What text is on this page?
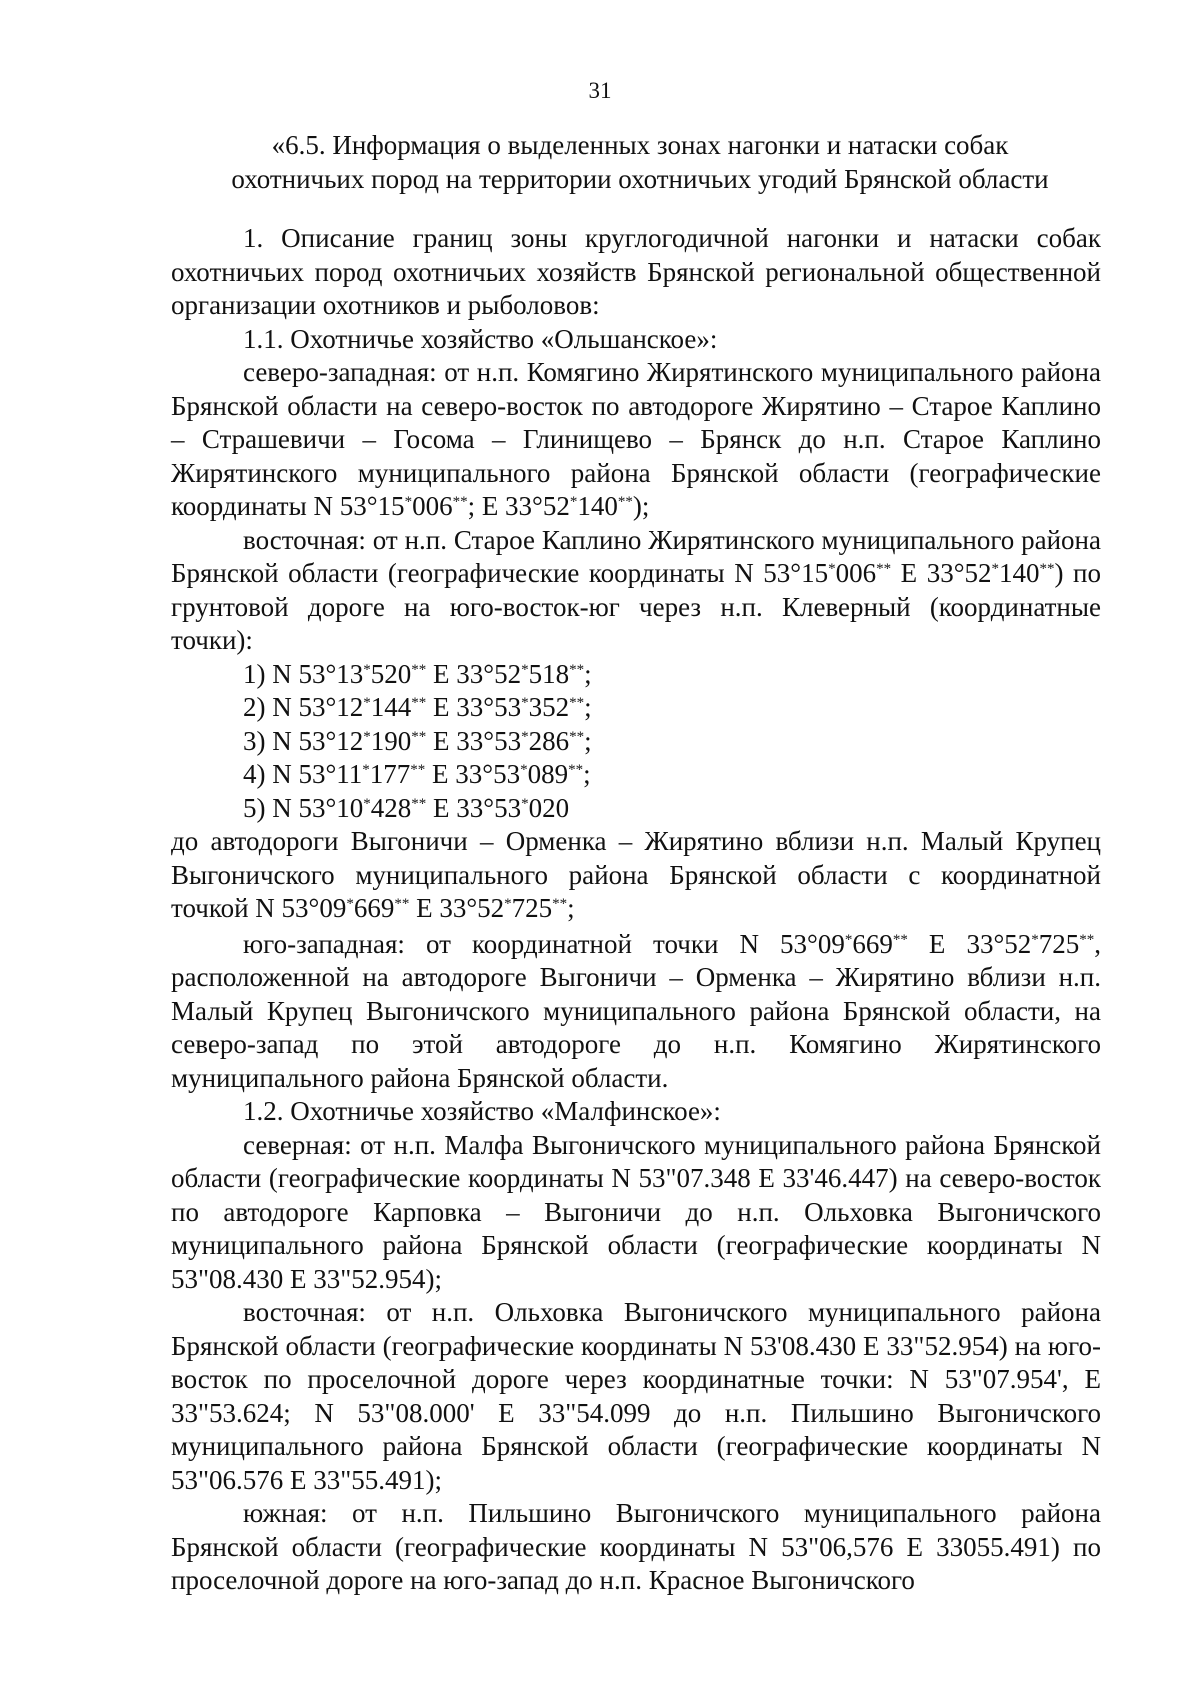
31
«6.5. Информация о выделенных зонах нагонки и натаски собак
охотничьих пород на территории охотничьих угодий Брянской области

1. Описание границ зоны круглогодичной нагонки и натаски собак охотничьих пород охотничьих хозяйств Брянской региональной общественной организации охотников и рыболовов:

1.1. Охотничье хозяйство «Ольшанское»:

северо-западная: от н.п. Комягино Жирятинского муниципального района Брянской области на северо-восток по автодороге Жирятино – Старое Каплино – Страшевичи – Госома – Глинищево – Брянск до н.п. Старое Каплино Жирятинского муниципального района Брянской области (географические координаты N 53°15*006**; E 33°52*140**);

восточная: от н.п. Старое Каплино Жирятинского муниципального района Брянской области (географические координаты N 53°15*006** E 33°52*140**) по грунтовой дороге на юго-восток-юг через н.п. Клеверный (координатные точки):

1) N 53°13*520** E 33°52*518**;
2) N 53°12*144** E 33°53*352**;
3) N 53°12*190** E 33°53*286**;
4) N 53°11*177** E 33°53*089**;
5) N 53°10*428** E 33°53*020

до автодороги Выгоничи – Орменка – Жирятино вблизи н.п. Малый Крупец Выгоничского муниципального района Брянской области с координатной точкой N 53°09*669** E 33°52*725**;

юго-западная: от координатной точки N 53°09*669** E 33°52*725**, расположенной на автодороге Выгоничи – Орменка – Жирятино вблизи н.п. Малый Крупец Выгоничского муниципального района Брянской области, на северо-запад по этой автодороге до н.п. Комягино Жирятинского муниципального района Брянской области.

1.2. Охотничье хозяйство «Малфинское»:

северная: от н.п. Малфа Выгоничского муниципального района Брянской области (географические координаты N 53"07.348 E 33'46.447) на северо-восток по автодороге Карповка – Выгоничи до н.п. Ольховка Выгоничского муниципального района Брянской области (географические координаты N 53"08.430 E 33"52.954);

восточная: от н.п. Ольховка Выгоничского муниципального района Брянской области (географические координаты N 53'08.430 E 33"52.954) на юго-восток по проселочной дороге через координатные точки: N 53"07.954', E 33"53.624; N 53"08.000' E 33"54.099 до н.п. Пильшино Выгоничского муниципального района Брянской области (географические координаты N 53"06.576 E 33"55.491);

южная: от н.п. Пильшино Выгоничского муниципального района Брянской области (географические координаты N 53"06,576 E 33055.491) по проселочной дороге на юго-запад до н.п. Красное Выгоничского
